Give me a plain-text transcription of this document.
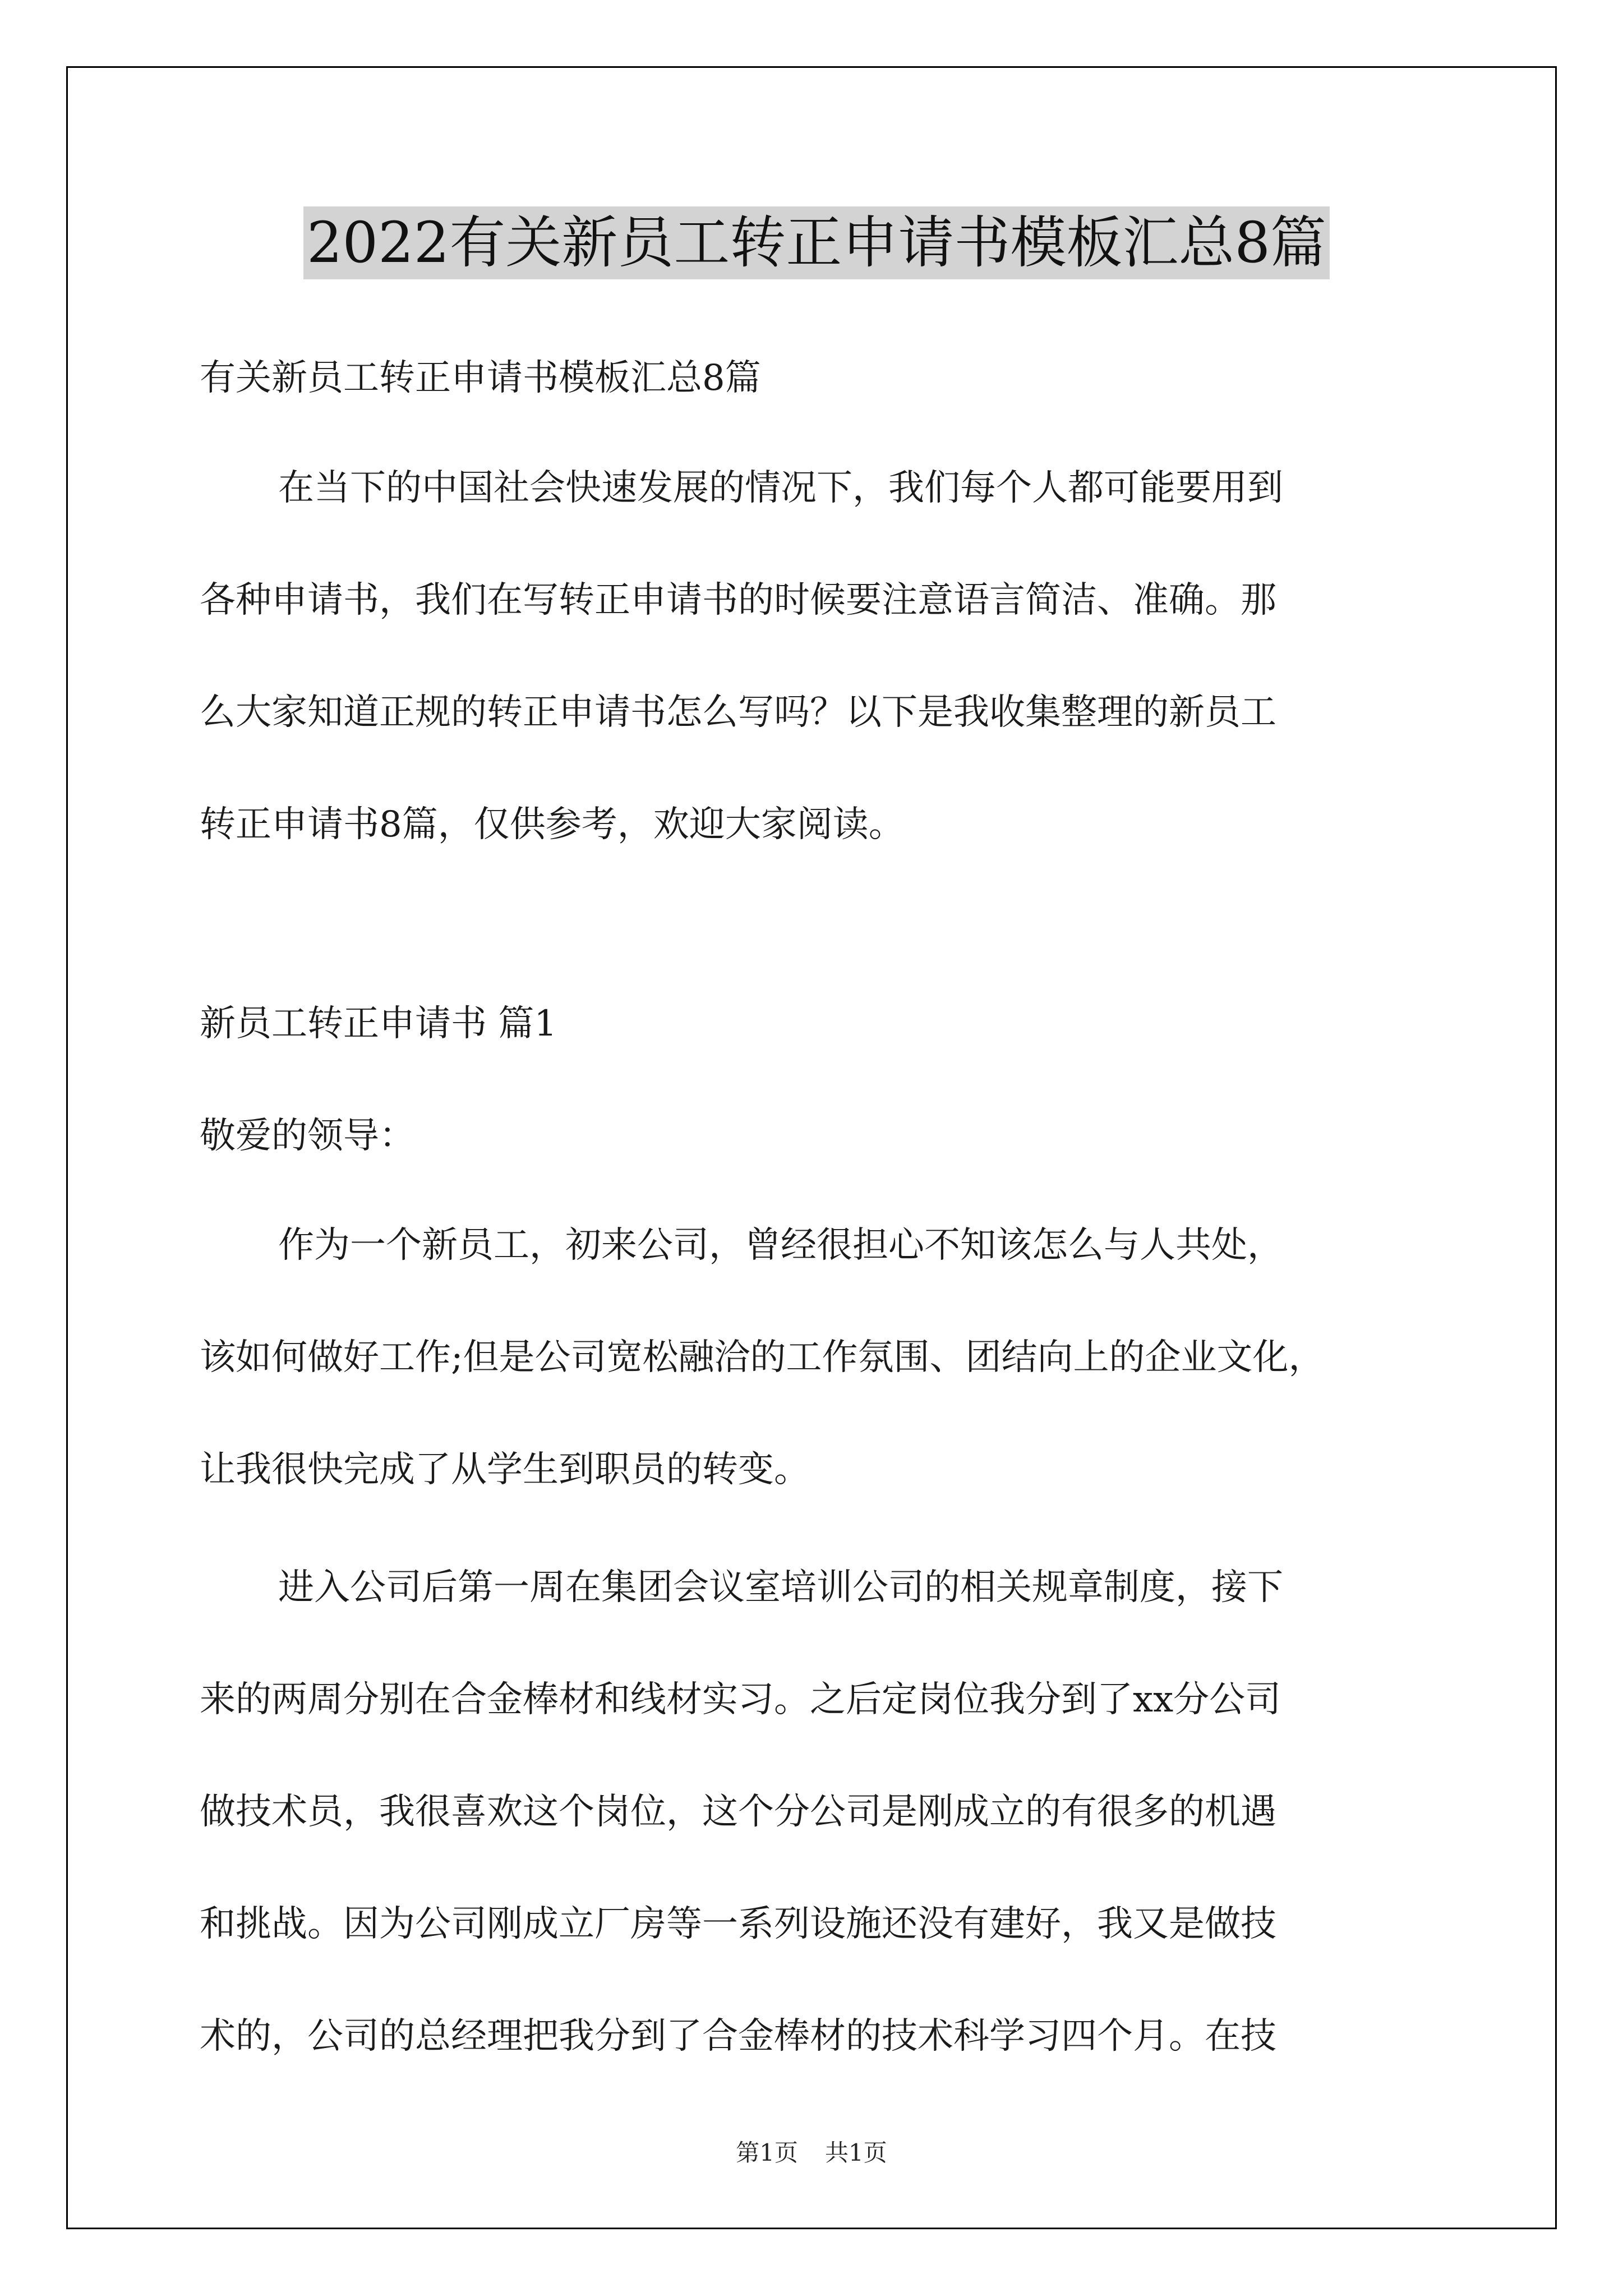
2022有关新员工转正申请书模板汇总8篇
有关新员工转正申请书模板汇总8篇
在当下的中国社会快速发展的情况下，我们每个人都可能要用到
各种申请书，我们在写转正申请书的时候要注意语言简洁、准确。那
么大家知道正规的转正申请书怎么写吗？以下是我收集整理的新员工
转正申请书8篇，仅供参考，欢迎大家阅读。
新员工转正申请书 篇1
敬爱的领导：
作为一个新员工，初来公司，曾经很担心不知该怎么与人共处，
该如何做好工作;但是公司宽松融洽的工作氛围、团结向上的企业文化，
让我很快完成了从学生到职员的转变。
进入公司后第一周在集团会议室培训公司的相关规章制度，接下
来的两周分别在合金棒材和线材实习。之后定岗位我分到了xx分公司
做技术员，我很喜欢这个岗位，这个分公司是刚成立的有很多的机遇
和挑战。因为公司刚成立厂房等一系列设施还没有建好，我又是做技
术的，公司的总经理把我分到了合金棒材的技术科学习四个月。在技
第1页 共1页
